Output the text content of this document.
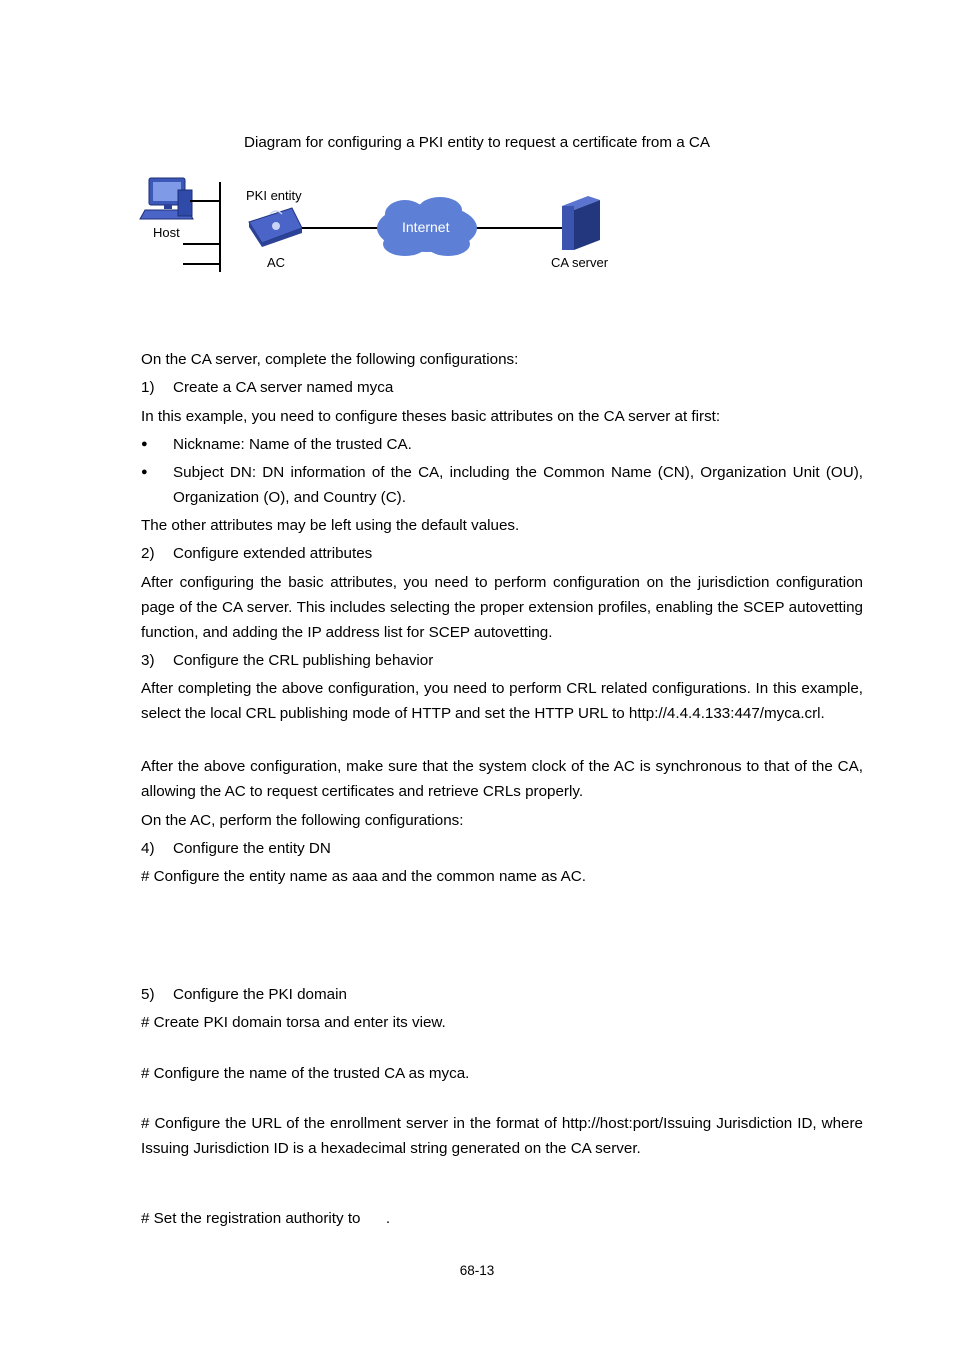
Diagram for configuring a PKI entity to request a certificate from a CA
Host
PKI entity
AC
Internet
CA server
On the CA server, complete the following configurations:
1) Create a CA server named myca
In this example, you need to configure theses basic attributes on the CA server at first:
● Nickname: Name of the trusted CA.
● Subject DN: DN information of the CA, including the Common Name (CN), Organization Unit (OU), Organization (O), and Country (C).
The other attributes may be left using the default values.
2) Configure extended attributes
After configuring the basic attributes, you need to perform configuration on the jurisdiction configuration page of the CA server. This includes selecting the proper extension profiles, enabling the SCEP autovetting function, and adding the IP address list for SCEP autovetting.
3) Configure the CRL publishing behavior
After completing the above configuration, you need to perform CRL related configurations. In this example, select the local CRL publishing mode of HTTP and set the HTTP URL to http://4.4.4.133:447/myca.crl.
After the above configuration, make sure that the system clock of the AC is synchronous to that of the CA, allowing the AC to request certificates and retrieve CRLs properly.
On the AC, perform the following configurations:
4) Configure the entity DN
# Configure the entity name as aaa and the common name as AC.
5) Configure the PKI domain
# Create PKI domain torsa and enter its view.
# Configure the name of the trusted CA as myca.
# Configure the URL of the enrollment server in the format of http://host:port/Issuing Jurisdiction ID, where Issuing Jurisdiction ID is a hexadecimal string generated on the CA server.
# Set the registration authority to      .
68-13
